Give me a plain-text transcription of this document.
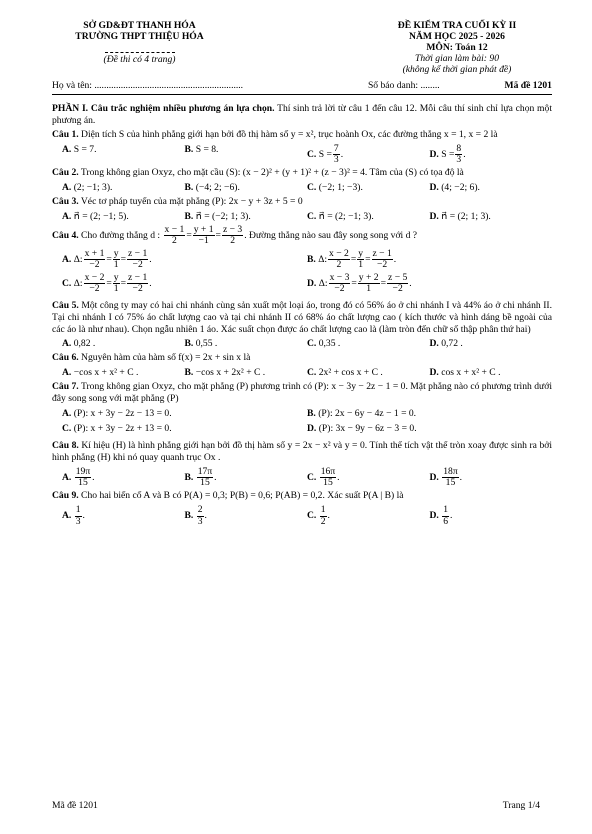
SỞ GD&ĐT THANH HÓA
TRƯỜNG THPT THIỆU HÓA
(Đề thi có 4 trang)
ĐỀ KIỂM TRA CUỐI KỲ II
NĂM HỌC 2025 - 2026
MÔN: Toán 12
Thời gian làm bài: 90
(không kể thời gian phát đề)
Họ và tên: ..............................................................	Số báo danh: ........	Mã đề 1201

PHẦN I. Câu trắc nghiệm nhiều phương án lựa chọn. Thí sinh trả lời từ câu 1 đến câu 12. Mỗi câu thí sinh chỉ lựa chọn một phương án.

Câu 1. Diện tích S của hình phẳng giới hạn bởi đồ thị hàm số y = x², trục hoành Ox, các đường thẳng x = 1, x = 2 là

A. S = 7.	B. S = 8.	C. $S = \frac{7}{3}$ .	D. $S = \frac{8}{3}$ .

Câu 2. Trong không gian Oxyz, cho mặt cầu (S): (x − 2)² + (y + 1)² + (z − 3)² = 4. Tâm của (S) có tọa độ là

A. (2; −1; 3).	B. (−4; 2; −6).	C. (−2; 1; −3).	D. (4; −2; 6).

Câu 3. Véc tơ pháp tuyến của mặt phẳng (P): 2x − y + 3z + 5 = 0

A. n⃗ = (2; −1; 5).	B. n⃗ = (−2; 1; 3).	C. n⃗ = (2; −1; 3).	D. n⃗ = (2; 1; 3).

Câu 4. Cho đường thẳng d : $\frac{x - 1}{2} = \frac{y + 1}{-1} = \frac{z - 3}{2}$ . Đường thẳng nào sau đây song song với d ?

A. Δ: $\frac{x + 1}{-2} = \frac{y}{1} = \frac{z - 1}{-2}$ .	B. Δ: $\frac{x - 2}{2} = \frac{y}{1} = \frac{z - 1}{-2}$ .
C. Δ: $\frac{x - 2}{-2} = \frac{y}{1} = \frac{z - 1}{-2}$ .	D. Δ: $\frac{x - 3}{-2} = \frac{y + 2}{1} = \frac{z - 5}{-2}$ .

Câu 5. Một công ty may có hai chi nhánh cùng sản xuất một loại áo, trong đó có 56% áo ở chi nhánh I và 44% áo ở chi nhánh II. Tại chi nhánh I có 75% áo chất lượng cao và tại chi nhánh II có 68% áo chất lượng cao ( kích thước và hình dáng bề ngoài của các áo là như nhau). Chọn ngẫu nhiên 1 áo. Xác suất chọn được áo chất lượng cao là (làm tròn đến chữ số thập phân thứ hai)

A. 0,82 .	B. 0,55 .	C. 0,35 .	D. 0,72 .

Câu 6. Nguyên hàm của hàm số f(x) = 2x + sin x là

A. −cos x + x² + C .	B. −cos x + 2x² + C .	C. 2x² + cos x + C .	D. cos x + x² + C .

Câu 7. Trong không gian Oxyz, cho mặt phẳng (P) phương trình có (P): x − 3y − 2z − 1 = 0. Mặt phẳng nào có phương trình dưới đây song song với mặt phẳng (P)

A. (P): x + 3y − 2z − 13 = 0.	B. (P): 2x − 6y − 4z − 1 = 0.
C. (P): x + 3y − 2z + 13 = 0.	D. (P): 3x − 9y − 6z − 3 = 0.

Câu 8. Kí hiệu (H) là hình phẳng giới hạn bởi đồ thị hàm số y = 2x − x² và y = 0. Tính thể tích vật thể tròn xoay được sinh ra bởi hình phẳng (H) khi nó quay quanh trục Ox .

A. $\frac{19\pi}{15}$ .	B. $\frac{17\pi}{15}$ .	C. $\frac{16\pi}{15}$ .	D. $\frac{18\pi}{15}$ .

Câu 9. Cho hai biến cố A và B có P(A) = 0,3; P(B) = 0,6; P(AB) = 0,2. Xác suất P(A | B) là

A. $\frac{1}{3}$ .	B. $\frac{2}{3}$ .	C. $\frac{1}{2}$ .	D. $\frac{1}{6}$ .
Mã đề 1201	Trang 1/4
